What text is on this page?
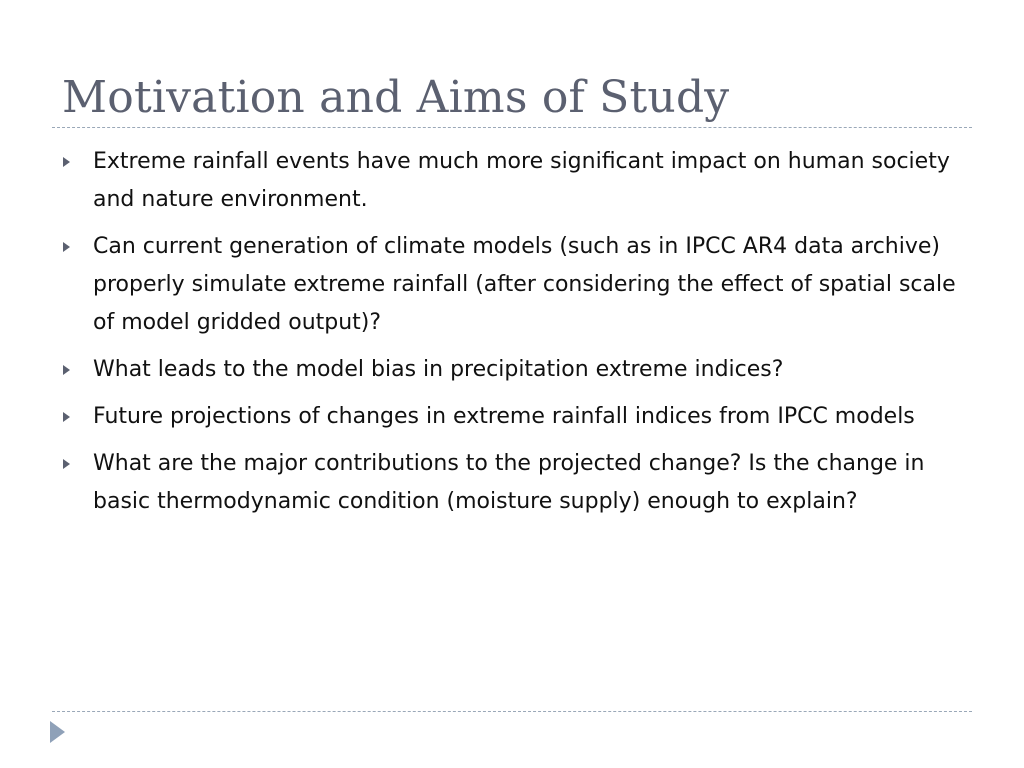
Motivation and Aims of Study
Extreme rainfall events have much more significant impact on human society and nature environment.
Can current generation of climate models (such as in IPCC AR4 data archive) properly simulate extreme rainfall (after considering the effect of spatial scale of model gridded output)?
What leads to the model bias in precipitation extreme indices?
Future projections of changes in extreme rainfall indices from IPCC models
What are the major contributions to the projected change? Is the change in basic thermodynamic condition (moisture supply) enough to explain?
